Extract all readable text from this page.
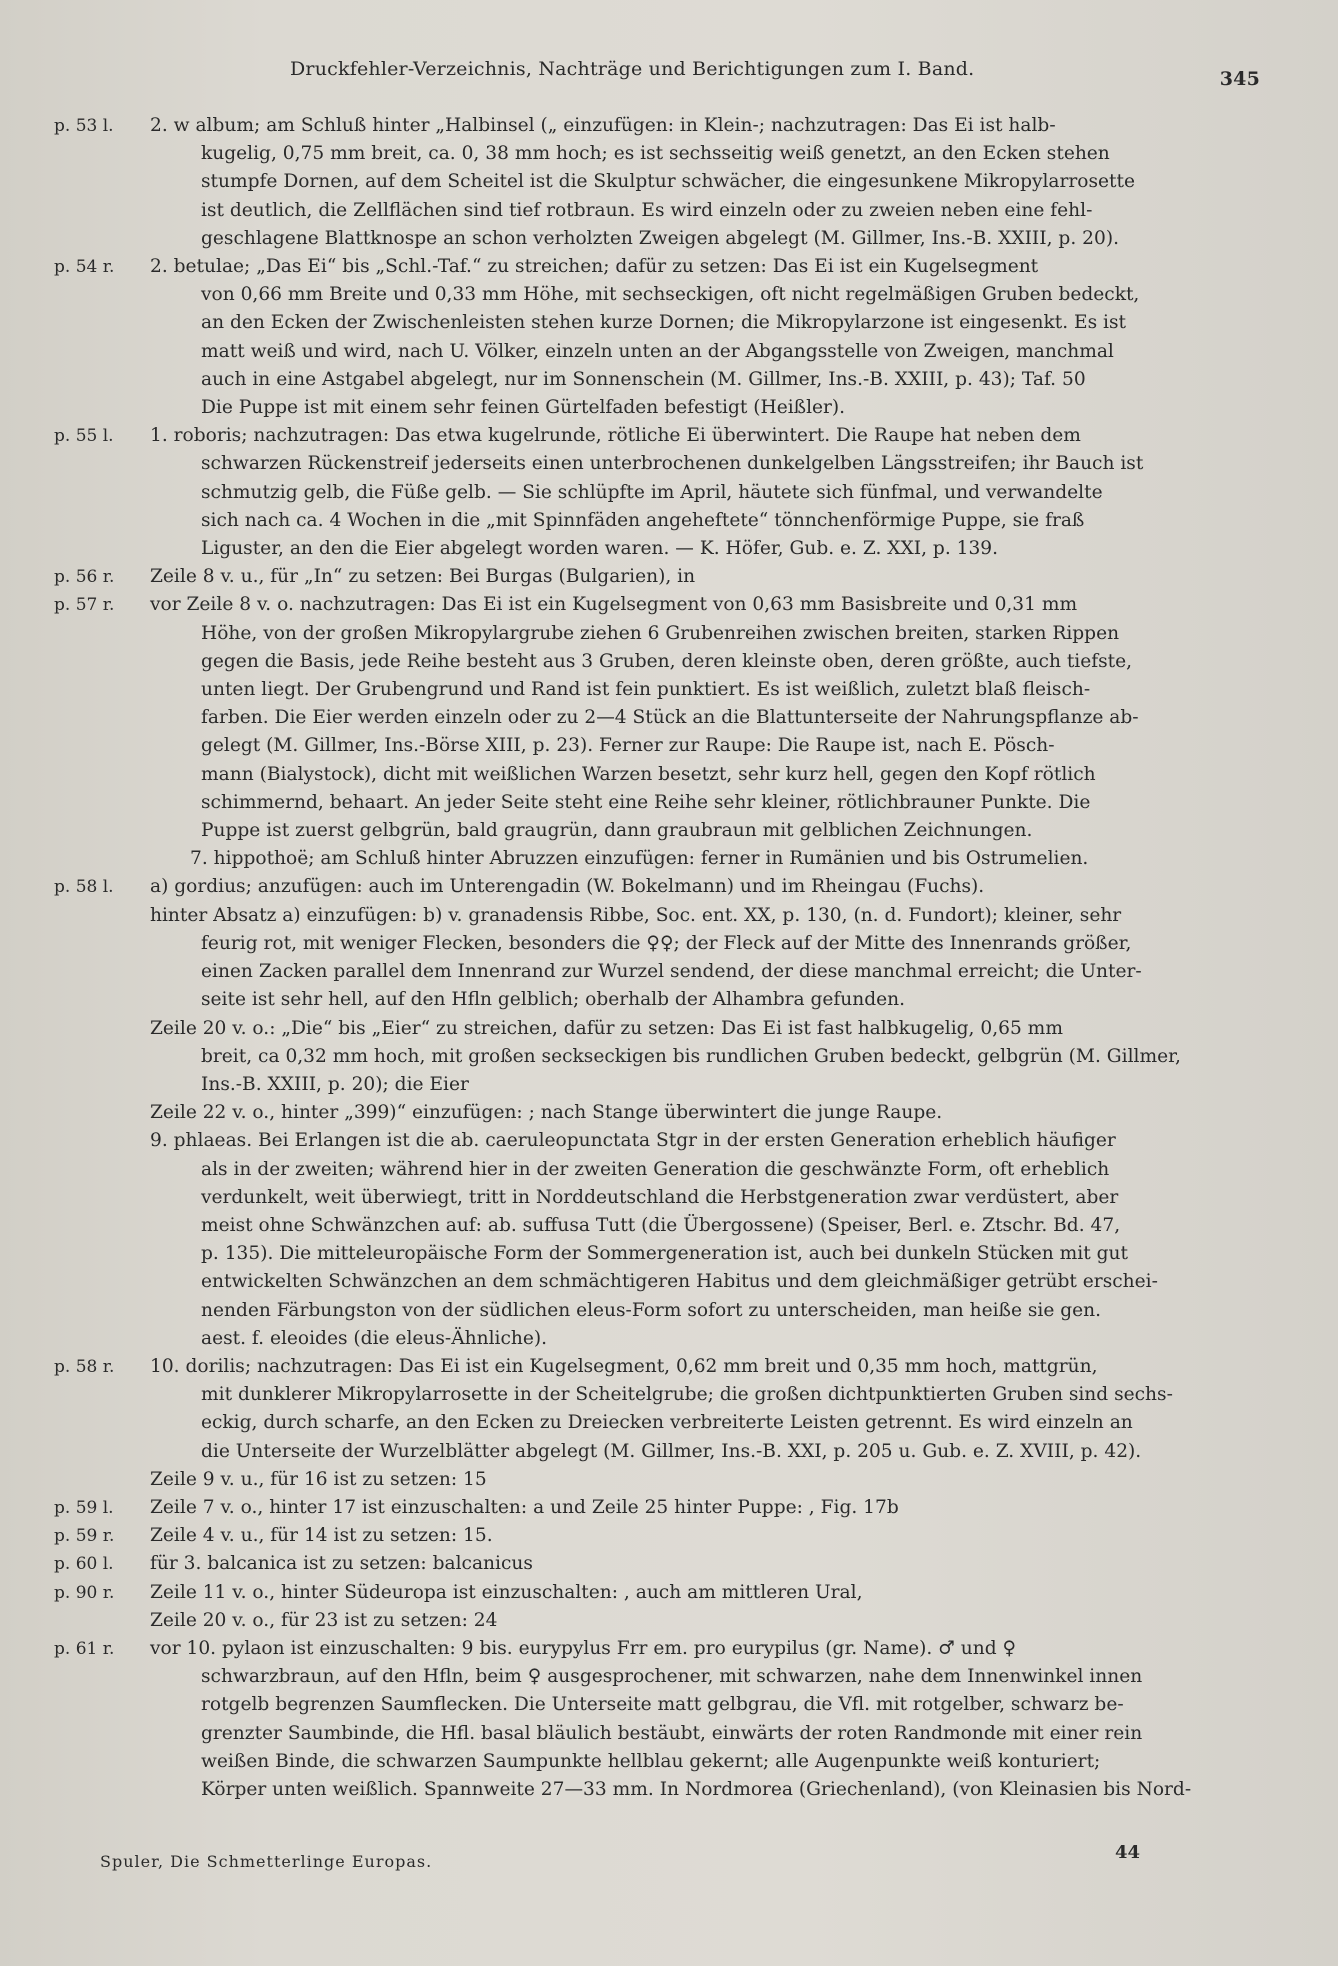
Druckfehler-Verzeichnis, Nachträge und Berichtigungen zum I. Band.	345
p. 53 l.	2. w album; am Schluß hinter „Halbinsel („ einzufügen: in Klein-; nachzutragen: Das Ei ist halb-
kugelig, 0,75 mm breit, ca. 0, 38 mm hoch; es ist sechsseitig weiß genetzt, an den Ecken stehen
stumpfe Dornen, auf dem Scheitel ist die Skulptur schwächer, die eingesunkene Mikropylarrosette
ist deutlich, die Zellflächen sind tief rotbraun. Es wird einzeln oder zu zweien neben eine fehl-
geschlagene Blattknospe an schon verholzten Zweigen abgelegt (M. Gillmer, Ins.-B. XXIII, p. 20).
p. 54 r.	2. betulae; „Das Ei“ bis „Schl.-Taf.“ zu streichen; dafür zu setzen: Das Ei ist ein Kugelsegment
von 0,66 mm Breite und 0,33 mm Höhe, mit sechseckigen, oft nicht regelmäßigen Gruben bedeckt,
an den Ecken der Zwischenleisten stehen kurze Dornen; die Mikropylarzone ist eingesenkt. Es ist
matt weiß und wird, nach U. Völker, einzeln unten an der Abgangsstelle von Zweigen, manchmal
auch in eine Astgabel abgelegt, nur im Sonnenschein (M. Gillmer, Ins.-B. XXIII, p. 43); Taf. 50
Die Puppe ist mit einem sehr feinen Gürtelfaden befestigt (Heißler).
p. 55 l.	1. roboris; nachzutragen: Das etwa kugelrunde, rötliche Ei überwintert. Die Raupe hat neben dem
schwarzen Rückenstreif jederseits einen unterbrochenen dunkelgelben Längsstreifen; ihr Bauch ist
schmutzig gelb, die Füße gelb. — Sie schlüpfte im April, häutete sich fünfmal, und verwandelte
sich nach ca. 4 Wochen in die „mit Spinnfäden angeheftete“ tönnchenförmige Puppe, sie fraß
Liguster, an den die Eier abgelegt worden waren. — K. Höfer, Gub. e. Z. XXI, p. 139.
p. 56 r.	Zeile 8 v. u., für „In“ zu setzen: Bei Burgas (Bulgarien), in
p. 57 r.	vor Zeile 8 v. o. nachzutragen: Das Ei ist ein Kugelsegment von 0,63 mm Basisbreite und 0,31 mm
Höhe, von der großen Mikropylargrube ziehen 6 Grubenreihen zwischen breiten, starken Rippen
gegen die Basis, jede Reihe besteht aus 3 Gruben, deren kleinste oben, deren größte, auch tiefste,
unten liegt. Der Grubengrund und Rand ist fein punktiert. Es ist weißlich, zuletzt blaß fleisch-
farben. Die Eier werden einzeln oder zu 2—4 Stück an die Blattunterseite der Nahrungspflanze ab-
gelegt (M. Gillmer, Ins.-Börse XIII, p. 23). Ferner zur Raupe: Die Raupe ist, nach E. Pösch-
mann (Bialystock), dicht mit weißlichen Warzen besetzt, sehr kurz hell, gegen den Kopf rötlich
schimmernd, behaart. An jeder Seite steht eine Reihe sehr kleiner, rötlichbrauner Punkte. Die
Puppe ist zuerst gelbgrün, bald graugrün, dann graubraun mit gelblichen Zeichnungen.
7. hippothoë; am Schluß hinter Abruzzen einzufügen: ferner in Rumänien und bis Ostrumelien.
p. 58 l.	a) gordius; anzufügen: auch im Unterengadin (W. Bokelmann) und im Rheingau (Fuchs).
hinter Absatz a) einzufügen: b) v. granadensis Ribbe, Soc. ent. XX, p. 130, (n. d. Fundort); kleiner, sehr
feurig rot, mit weniger Flecken, besonders die ♀♀; der Fleck auf der Mitte des Innenrands größer,
einen Zacken parallel dem Innenrand zur Wurzel sendend, der diese manchmal erreicht; die Unter-
seite ist sehr hell, auf den Hfln gelblich; oberhalb der Alhambra gefunden.
Zeile 20 v. o.: „Die“ bis „Eier“ zu streichen, dafür zu setzen: Das Ei ist fast halbkugelig, 0,65 mm
breit, ca 0,32 mm hoch, mit großen seckseckigen bis rundlichen Gruben bedeckt, gelbgrün (M. Gillmer,
Ins.-B. XXIII, p. 20); die Eier
Zeile 22 v. o., hinter „399)“ einzufügen: ; nach Stange überwintert die junge Raupe.
9. phlaeas. Bei Erlangen ist die ab. caeruleopunctata Stgr in der ersten Generation erheblich häufiger
als in der zweiten; während hier in der zweiten Generation die geschwänzte Form, oft erheblich
verdunkelt, weit überwiegt, tritt in Norddeutschland die Herbstgeneration zwar verdüstert, aber
meist ohne Schwänzchen auf: ab. suffusa Tutt (die Übergossene) (Speiser, Berl. e. Ztschr. Bd. 47,
p. 135). Die mitteleuropäische Form der Sommergeneration ist, auch bei dunkeln Stücken mit gut
entwickelten Schwänzchen an dem schmächtigeren Habitus und dem gleichmäßiger getrübt erschei-
nenden Färbungston von der südlichen eleus-Form sofort zu unterscheiden, man heiße sie gen.
aest. f. eleoides (die eleus-Ähnliche).
p. 58 r.	10. dorilis; nachzutragen: Das Ei ist ein Kugelsegment, 0,62 mm breit und 0,35 mm hoch, mattgrün,
mit dunklerer Mikropylarrosette in der Scheitelgrube; die großen dichtpunktierten Gruben sind sechs-
eckig, durch scharfe, an den Ecken zu Dreiecken verbreiterte Leisten getrennt. Es wird einzeln an
die Unterseite der Wurzelblätter abgelegt (M. Gillmer, Ins.-B. XXI, p. 205 u. Gub. e. Z. XVIII, p. 42).
Zeile 9 v. u., für 16 ist zu setzen: 15
p. 59 l.	Zeile 7 v. o., hinter 17 ist einzuschalten: a und Zeile 25 hinter Puppe: , Fig. 17b
p. 59 r.	Zeile 4 v. u., für 14 ist zu setzen: 15.
p. 60 l.	für 3. balcanica ist zu setzen: balcanicus
p. 90 r.	Zeile 11 v. o., hinter Südeuropa ist einzuschalten: , auch am mittleren Ural,
Zeile 20 v. o., für 23 ist zu setzen: 24
p. 61 r.	vor 10. pylaon ist einzuschalten: 9 bis. eurypylus Frr em. pro eurypilus (gr. Name). ♂ und ♀
schwarzbraun, auf den Hfln, beim ♀ ausgesprochener, mit schwarzen, nahe dem Innenwinkel innen
rotgelb begrenzen Saumflecken. Die Unterseite matt gelbgrau, die Vfl. mit rotgelber, schwarz be-
grenzter Saumbinde, die Hfl. basal bläulich bestäubt, einwärts der roten Randmonde mit einer rein
weißen Binde, die schwarzen Saumpunkte hellblau gekernt; alle Augenpunkte weiß konturiert;
Körper unten weißlich. Spannweite 27—33 mm. In Nordmorea (Griechenland), (von Kleinasien bis Nord-
Spuler, Die Schmetterlinge Europas.	44
